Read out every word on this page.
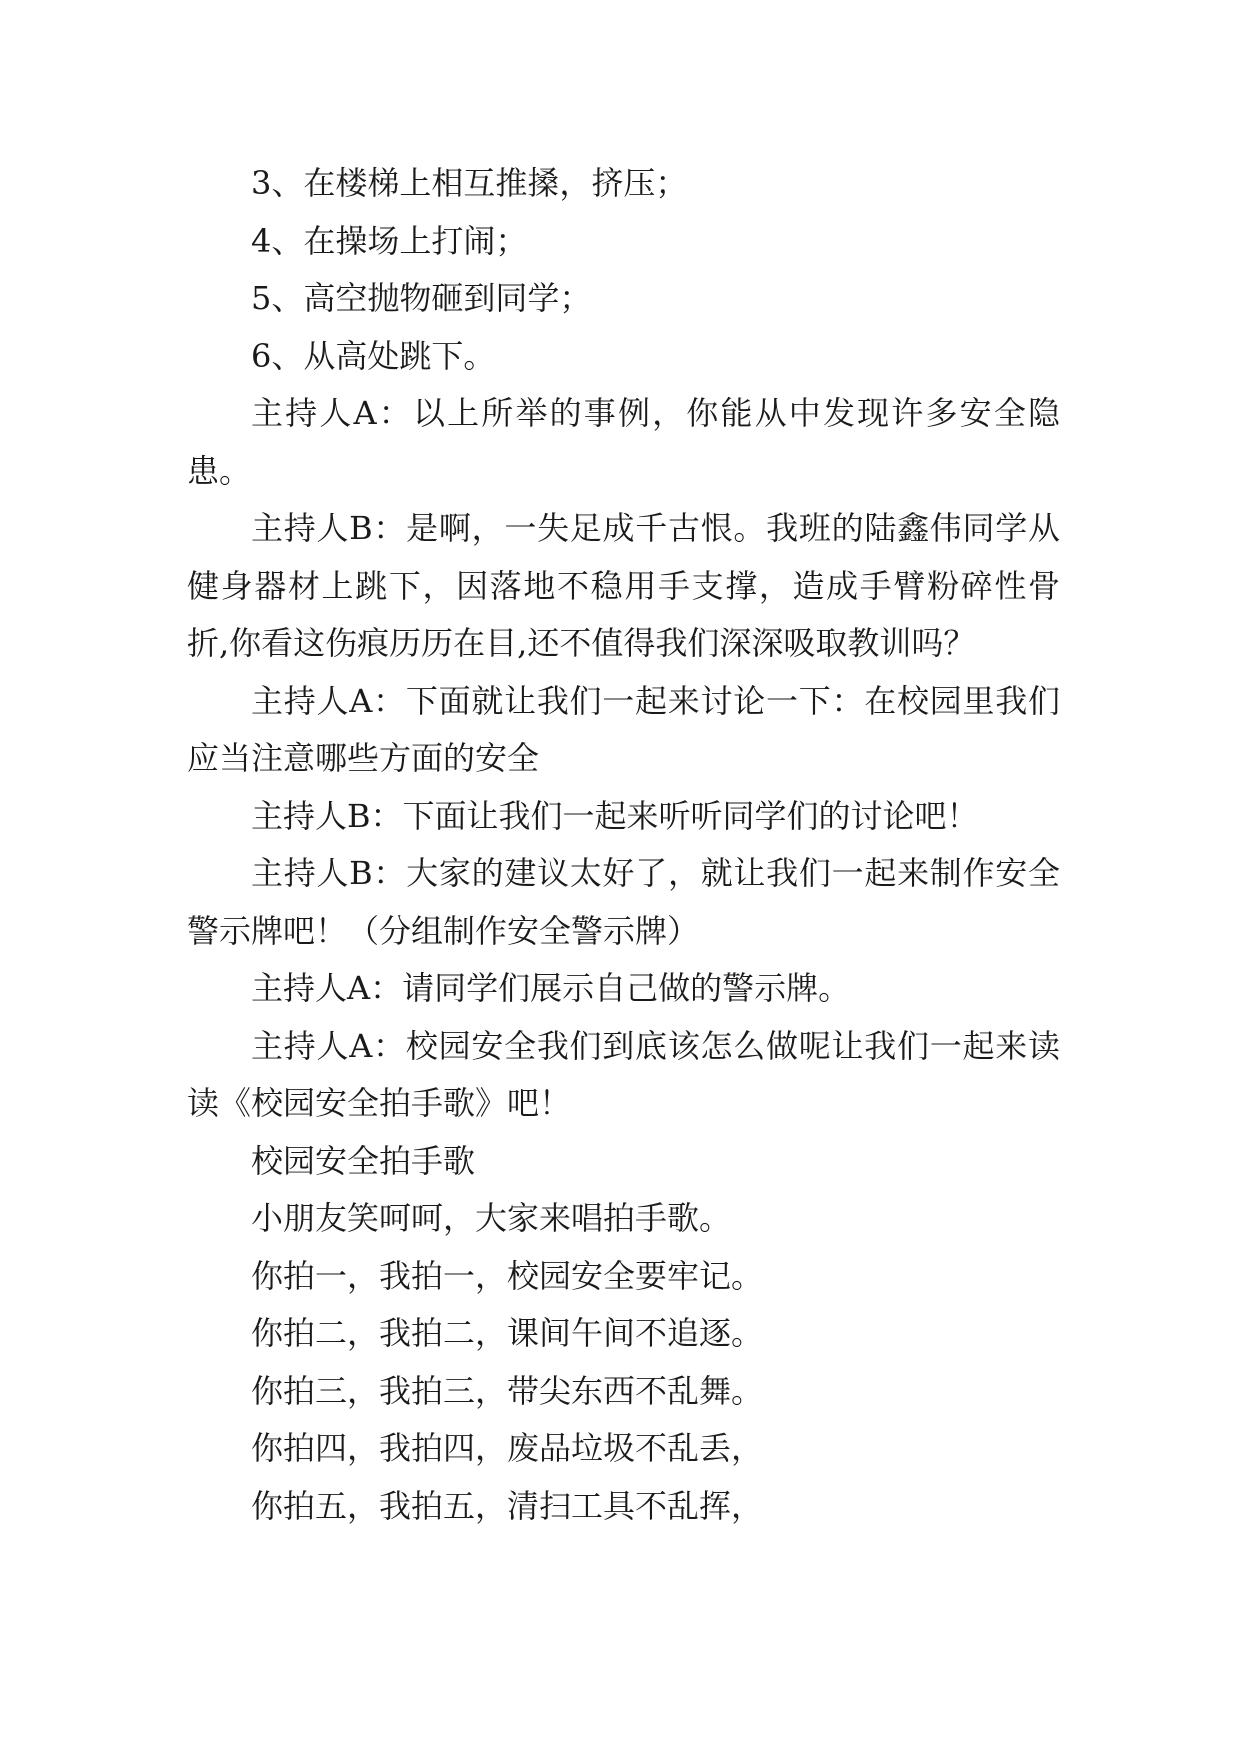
3、在楼梯上相互推搡，挤压；

4、在操场上打闹；

5、高空抛物砸到同学；

6、从高处跳下。

主持人A：以上所举的事例，你能从中发现许多安全隐患。

主持人B：是啊，一失足成千古恨。我班的陆鑫伟同学从健身器材上跳下，因落地不稳用手支撑，造成手臂粉碎性骨折,你看这伤痕历历在目,还不值得我们深深吸取教训吗？

主持人A：下面就让我们一起来讨论一下：在校园里我们应当注意哪些方面的安全

主持人B：下面让我们一起来听听同学们的讨论吧！

主持人B：大家的建议太好了，就让我们一起来制作安全警示牌吧！（分组制作安全警示牌）

主持人A：请同学们展示自己做的警示牌。

主持人A：校园安全我们到底该怎么做呢让我们一起来读读《校园安全拍手歌》吧！

校园安全拍手歌

小朋友笑呵呵，大家来唱拍手歌。

你拍一，我拍一，校园安全要牢记。

你拍二，我拍二，课间午间不追逐。

你拍三，我拍三，带尖东西不乱舞。

你拍四，我拍四，废品垃圾不乱丢，

你拍五，我拍五，清扫工具不乱挥，
